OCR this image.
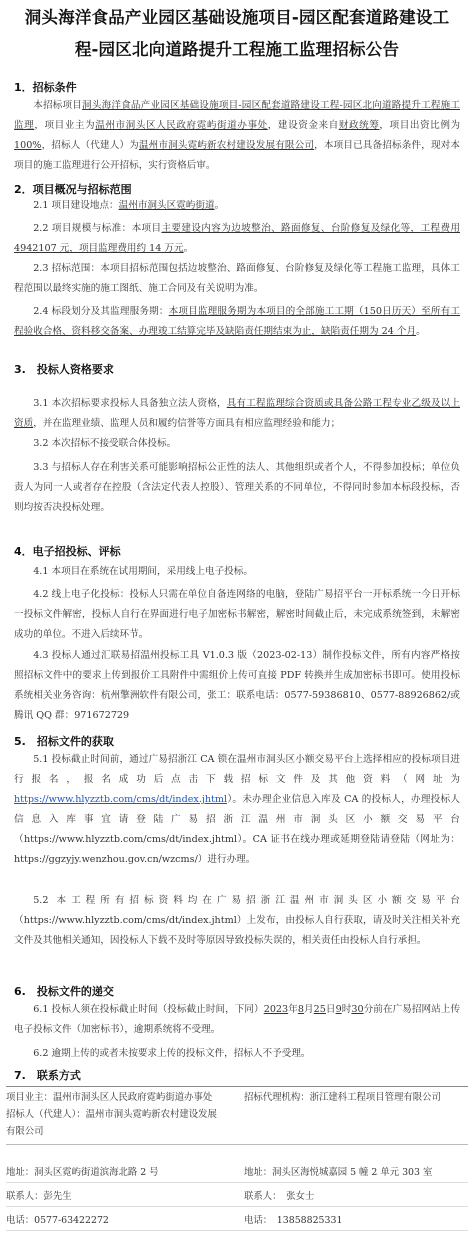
洞头海洋食品产业园区基础设施项目-园区配套道路建设工
程-园区北向道路提升工程施工监理招标公告
1．招标条件
本招标项目洞头海洋食品产业园区基础设施项目-园区配套道路建设工程-园区北向道路提升工程施工监理，项目业主为温州市洞头区人民政府霓屿街道办事处，建设资金来自财政统筹，项目出资比例为100%，招标人（代建人）为温州市洞头霓屿新农村建设发展有限公司，本项目已具备招标条件，现对本项目的施工监理进行公开招标，实行资格后审。
2．项目概况与招标范围
2.1 项目建设地点：温州市洞头区霓屿街道。
2.2 项目规模与标准：本项目主要建设内容为边坡整治、路面修复、台阶修复及绿化等，工程费用 4942107 元，项目监理费用约 14 万元。
2.3 招标范围：本项目招标范围包括边坡整治、路面修复、台阶修复及绿化等工程施工监理，具体工程范围以最终实施的施工图纸、施工合同及有关说明为准。
2.4 标段划分及其监理服务期：本项目监理服务期为本项目的全部施工工期（150日历天）至所有工程验收合格、资料移交备案、办理竣工结算完毕及缺陷责任期结束为止，缺陷责任期为 24 个月。
3.　投标人资格要求
3.1 本次招标要求投标人具备独立法人资格，具有工程监理综合资质或具备公路工程专业乙级及以上资质，并在监理业绩、监理人员和履约信誉等方面具有相应监理经验和能力；
3.2 本次招标不接受联合体投标。
3.3 与招标人存在利害关系可能影响招标公正性的法人、其他组织或者个人，不得参加投标；单位负责人为同一人或者存在控股（含法定代表人控股）、管理关系的不同单位，不得同时参加本标段投标，否则均按否决投标处理。
4．电子招投标、评标
4.1 本项目在系统在试用期间，采用线上电子投标。
4.2 线上电子化投标：投标人只需在单位自备连网络的电脑，登陆广易招平台一开标系统一今日开标一投标文件解密，投标人自行在界面进行电子加密标书解密，解密时间截止后，未完成系统签到，未解密成功的单位。不进入后续环节。
4.3 投标人通过汇联易招温州投标工具 V1.0.3 版（2023-02-13）制作投标文件，所有内容严格按照招标文件中的要求上传到报价工具附件中需组价上传可直接 PDF 转换并生成加密标书即可。使用投标系统相关业务咨询：杭州擎洲软件有限公司，张工：联系电话：0577-59386810、0577-88926862/或腾讯 QQ 群：971672729
5.　招标文件的获取
5.1 投标截止时间前，通过广易招浙江 CA 锁在温州市洞头区小额交易平台上选择相应的投标项目进行报名，报名成功后点击下载招标文件及其他资料（网址为https://www.hlyzztb.com/cms/dt/index.jhtml）。未办理企业信息入库及 CA 的投标人，办理投标人信息入库事宜请登陆广易招浙江温州市洞头区小额交易平台（https://www.hlyzztb.com/cms/dt/index.jhtml）。CA 证书在线办理或延期登陆请登陆（网址为：https://ggzyjy.wenzhou.gov.cn/wzcms/）进行办理。
5.2 本工程所有招标资料均在广易招浙江温州市洞头区小额交易平台（https://www.hlyzztb.com/cms/dt/index.jhtml）上发布，由投标人自行获取，请及时关注相关补充文件及其他相关通知，因投标人下载不及时等原因导致投标失误的，相关责任由投标人自行承担。
6.　投标文件的递交
6.1 投标人须在投标截止时间（投标截止时间，下同）2023年8月25日9时30分前在广易招网站上传电子投标文件（加密标书），逾期系统将不受理。
6.2 逾期上传的或者未按要求上传的投标文件，招标人不予受理。
7.　联系方式
项目业主：温州市洞头区人民政府霓屿街道办事处
招标人（代建人）：温州市洞头霓屿新农村建设发展
有限公司
招标代理机构：浙江建科工程项目管理有限公司
地址：洞头区霓屿街道滨海北路 2 号
联系人：彭先生
电话：0577-63422272
地址：洞头区海悦城嘉园 5 幢 2 单元 303 室
联系人：　张女士
电话：　13858825331
